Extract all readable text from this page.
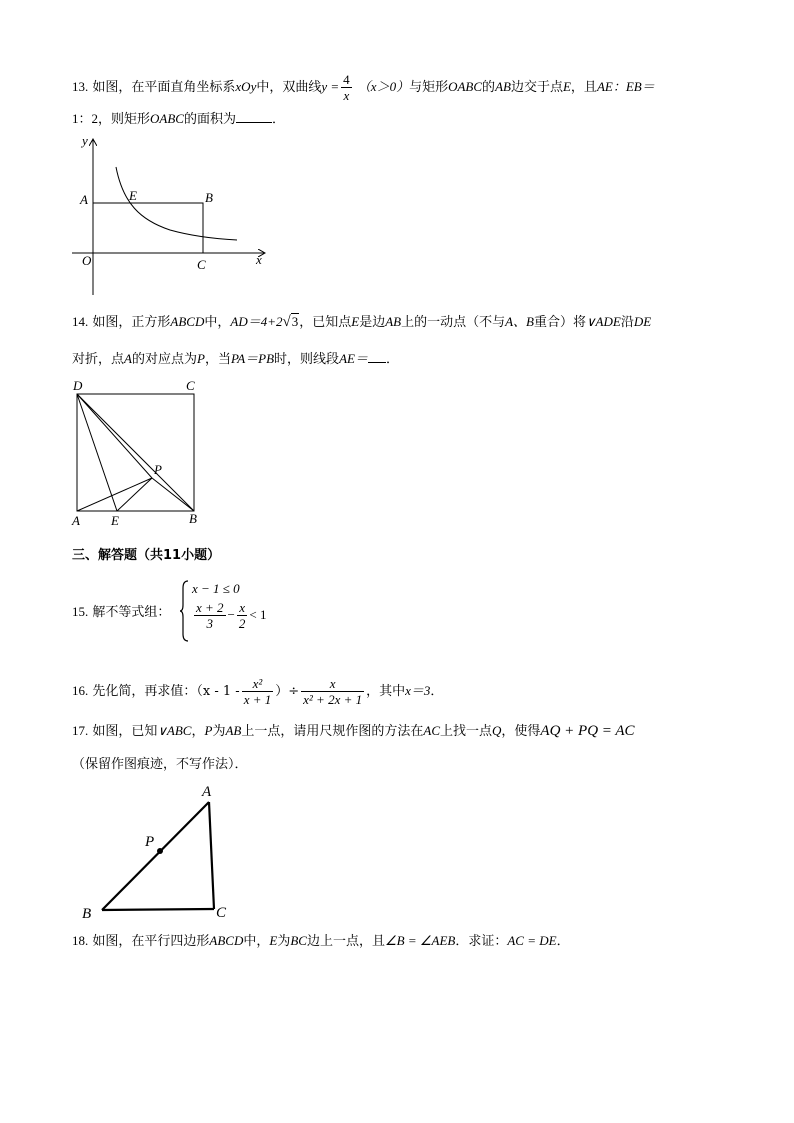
13. 如图，在平面直角坐标系xOy中，双曲线$y = \frac{4}{x} (x>0)$与矩形OABC的AB边交于点E，且AE：EB＝
1：2，则矩形OABC的面积为	．
y
x
A	E	B
O	C
14. 如图，正方形ABCD中，AD＝4+2√3，已知点E是边AB上的一动点（不与A、B重合）将∨ADE沿DE
对折，点A的对应点为P，当PA＝PB时，则线段AE＝ ．
D	C
P
A E	B
三、解答题（共11小题）
15. 解不等式组：
x − 1 ≤ 0
$\frac{x + 2}{3} - \frac{x}{2} < 1$
16. 先化简，再求值：（$x - 1 - \frac{\text{x²}}{x + 1}$ ）÷ $\frac{x}{\text{x² + 2x + 1}}$ ，其中x＝3．
17. 如图，已知∨ABC，P为AB上一点，请用尺规作图的方法在AC上找一点Q，使得AQ + PQ = AC
（保留作图痕迹，不写作法）．
A
P
B	C
18. 如图，在平行四边形ABCD中，E为BC边上一点，且∠B = ∠AEB．求证：AC = DE．
